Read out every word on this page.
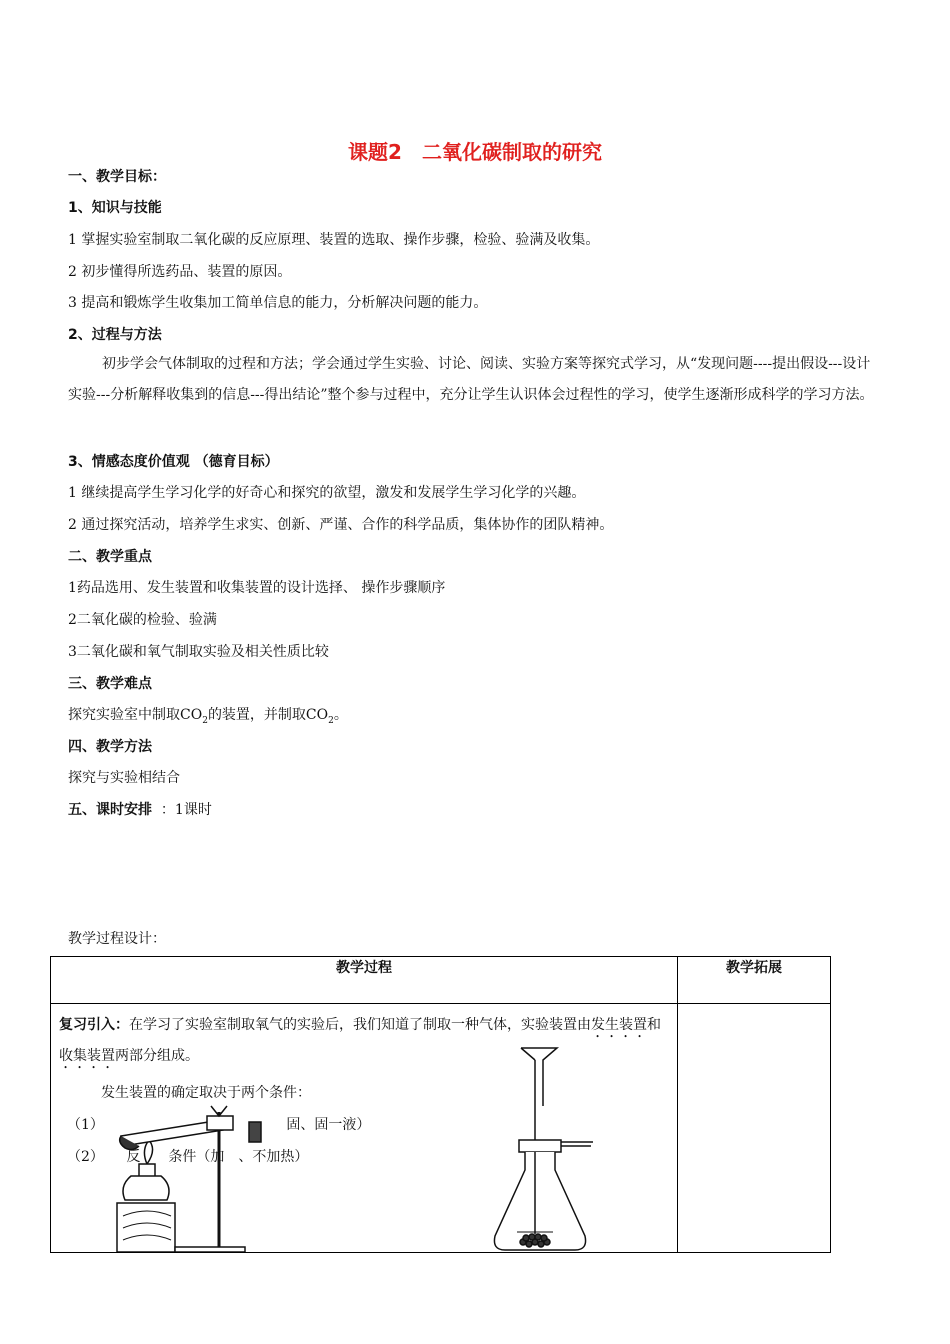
课题2　二氧化碳制取的研究
一、教学目标：
1、知识与技能
1 掌握实验室制取二氧化碳的反应原理、装置的选取、操作步骤，检验、验满及收集。
2 初步懂得所选药品、装置的原因。
3 提高和锻炼学生收集加工简单信息的能力，分析解决问题的能力。
2、过程与方法
初步学会气体制取的过程和方法；学会通过学生实验、讨论、阅读、实验方案等探究式学习，从“发现问题----提出假设---设计实验---分析解释收集到的信息---得出结论”整个参与过程中，充分让学生认识体会过程性的学习，使学生逐渐形成科学的学习方法。
3、情感态度价值观 （德育目标）
1 继续提高学生学习化学的好奇心和探究的欲望，激发和发展学生学习化学的兴趣。
2 通过探究活动，培养学生求实、创新、严谨、合作的科学品质，集体协作的团队精神。
二、教学重点
1药品选用、发生装置和收集装置的设计选择、 操作步骤顺序
2二氧化碳的检验、验满
3二氧化碳和氧气制取实验及相关性质比较
三、教学难点
探究实验室中制取$CO_2$的装置，并制取$CO_2$。
四、教学方法
探究与实验相结合
五、课时安排 ：1课时
教学过程设计：
教学过程	教学拓展

复习引入：在学习了实验室制取氧气的实验后，我们知道了制取一种气体，实验装置由发生装置和收集装置两部分组成。
发生装置的确定取决于两个条件：
（1） 固、固一液）
（2） 反 条件（加 、不加热）	
